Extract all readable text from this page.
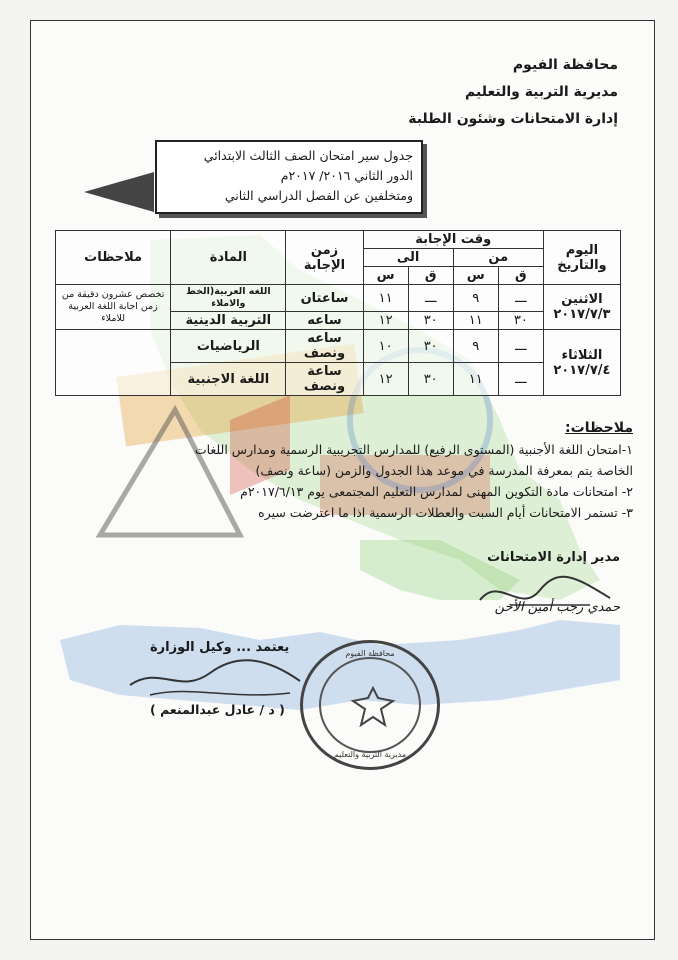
محافظة الفيوم
مديرية التربية والتعليم
إدارة الامتحانات وشئون الطلبة
جدول سير امتحان الصف الثالث الابتدائي
الدور الثاني ٢٠١٦/ ٢٠١٧م
ومتخلفين عن الفصل الدراسي الثاني
اليوم والتاريخ	وقت الإجابة				زمن الإجابة	المادة	ملاحظات
	من		الى				
	ق	س	ق	س			

الاثنين
٢٠١٧/٧/٣	ـــ	٩	ـــ	١١	ساعتان	اللغه العربية(الخط والاملاء	تخصص عشرون دقيقة من زمن اجابة اللغة العربية للاملاء
	٣٠	١١	٣٠	١٢	ساعه	التربية الدينية	

الثلاثاء
٢٠١٧/٧/٤	ـــ	٩	٣٠	١٠	ساعه ونصف	الرياضيات	
	ـــ	١١	٣٠	١٢	ساعة ونصف	اللغة الاجنبية	
ملاحظات:
١-امتحان اللغة الأجنبية (المستوى الرفيع) للمدارس التجريبية الرسمية ومدارس اللغات
الخاصة يتم بمعرفة المدرسة في موعد هذا الجدول والزمن (ساعة ونصف)
٢- امتحانات مادة التكوين المهنى لمدارس التعليم المجتمعى يوم ٢٠١٧/٦/١٣م
٣- تستمر الامتحانات أيام السبت والعطلات الرسمية اذا ما اعترضت سيره
مدير إدارة الامتحانات
حمدي رجب أمين الأخن
يعتمد ... وكيل الوزارة
( د / عادل عبدالمنعم )
محافظة الفيوم
مديرية التربية والتعليم
